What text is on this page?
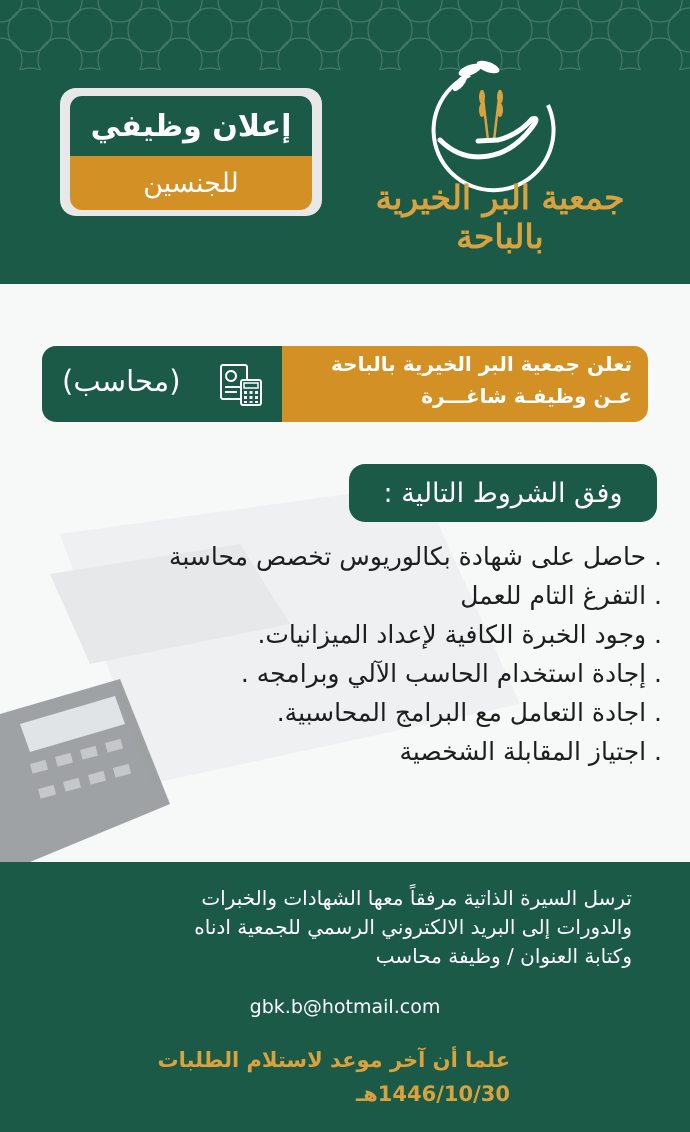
إعلان وظيفي
للجنسين	جمعية البر الخيرية بالباحة
(محاسب)	تعلن جمعية البر الخيرية بالباحة
عـن وظيفـة شاغـــرة
وفق الشروط التالية :
. حاصل على شهادة بكالوريوس تخصص محاسبة
. التفرغ التام للعمل
. وجود الخبرة الكافية لإعداد الميزانيات.
. إجادة استخدام الحاسب الآلي وبرامجه .
. اجادة التعامل مع البرامج المحاسبية.
. اجتياز المقابلة الشخصية
ترسل السيرة الذاتية مرفقاً معها الشهادات والخبرات
والدورات إلى البريد الالكتروني الرسمي للجمعية ادناه
وكتابة العنوان / وظيفة محاسب
gbk.b@hotmail.com
علما أن آخر موعد لاستلام الطلبات
1446/10/30هـ
